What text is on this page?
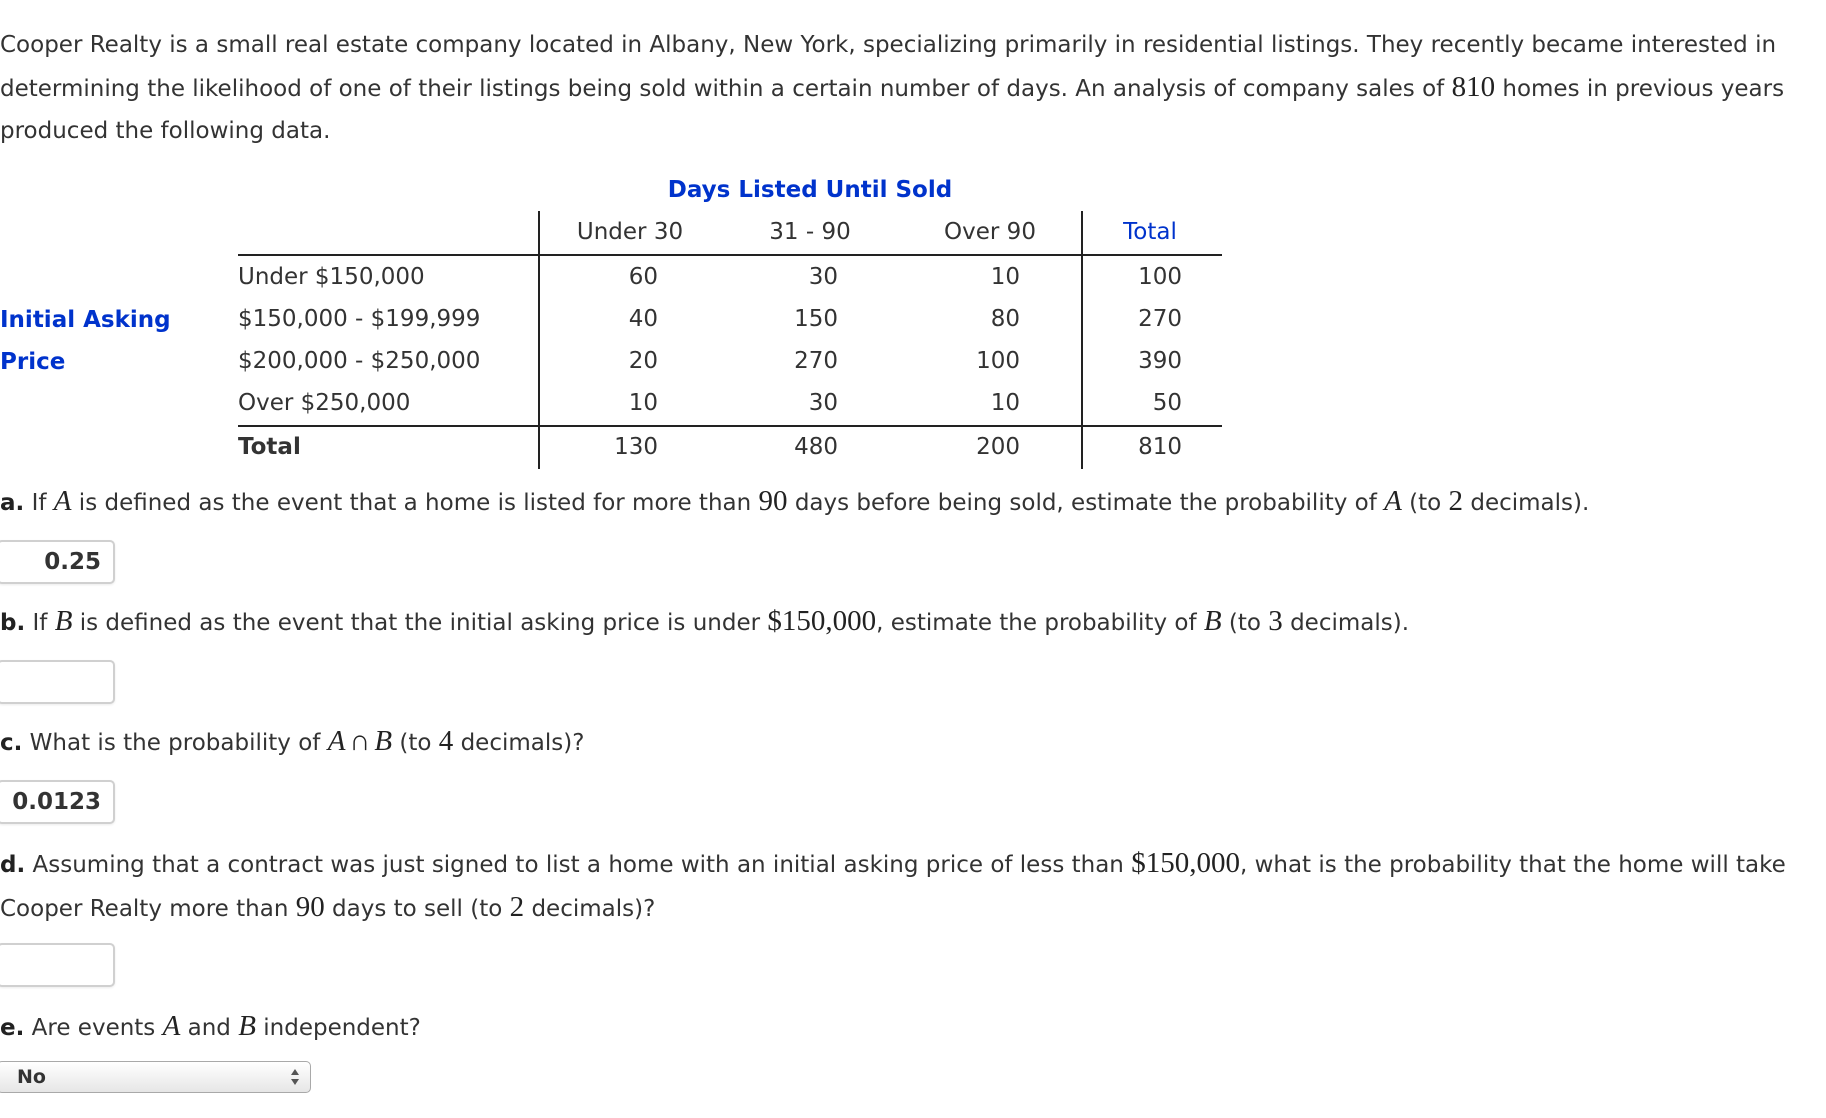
Cooper Realty is a small real estate company located in Albany, New York, specializing primarily in residential listings. They recently became interested in determining the likelihood of one of their listings being sold within a certain number of days. An analysis of company sales of 810 homes in previous years produced the following data.
Days Listed Until Sold
Under 30	31 - 90	Over 90	Total
Initial Asking
Price
Under $150,000	60	30	10	100
$150,000 - $199,999	40	150	80	270
$200,000 - $250,000	20	270	100	390
Over $250,000	10	30	10	50
Total	130	480	200	810
a. If A is defined as the event that a home is listed for more than 90 days before being sold, estimate the probability of A (to 2 decimals).
0.25
b. If B is defined as the event that the initial asking price is under $150,000, estimate the probability of B (to 3 decimals).
c. What is the probability of A ∩ B (to 4 decimals)?
0.0123
d. Assuming that a contract was just signed to list a home with an initial asking price of less than $150,000, what is the probability that the home will take Cooper Realty more than 90 days to sell (to 2 decimals)?
e. Are events A and B independent?
No
